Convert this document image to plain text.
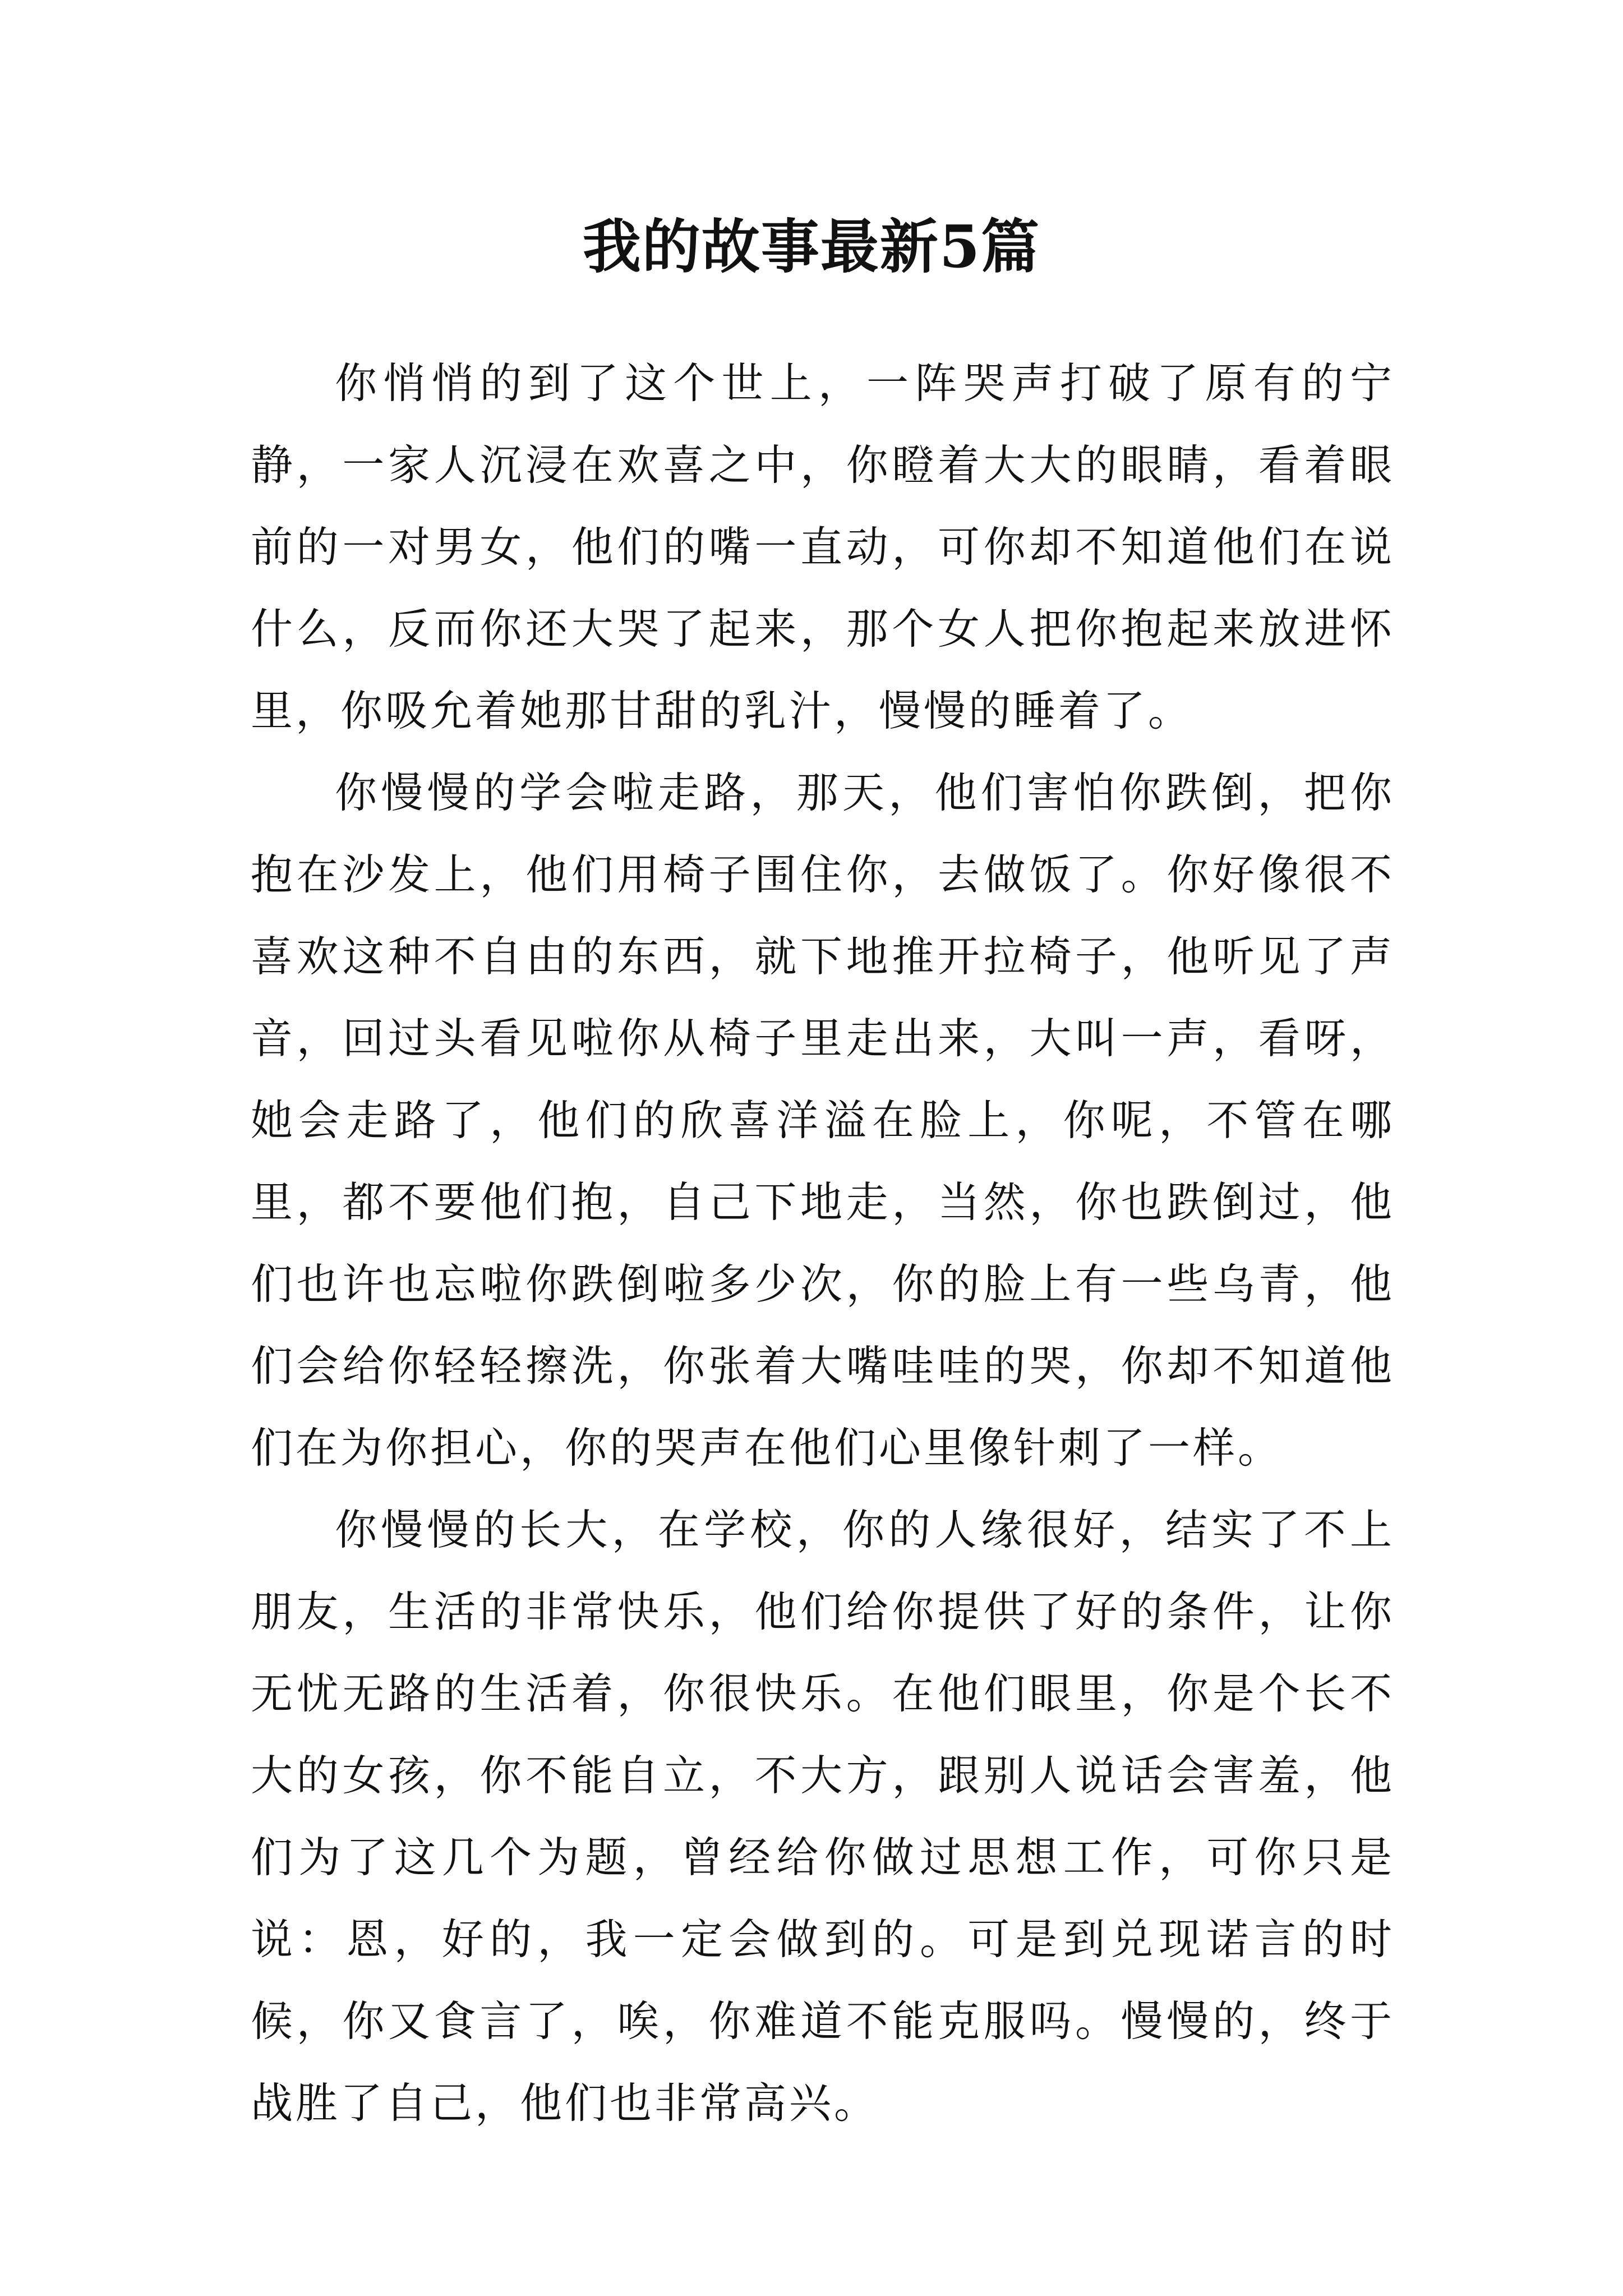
我的故事最新5篇

你悄悄的到了这个世上，一阵哭声打破了原有的宁静，一家人沉浸在欢喜之中，你瞪着大大的眼睛，看着眼前的一对男女，他们的嘴一直动，可你却不知道他们在说什么，反而你还大哭了起来，那个女人把你抱起来放进怀里，你吸允着她那甘甜的乳汁，慢慢的睡着了。

你慢慢的学会啦走路，那天，他们害怕你跌倒，把你抱在沙发上，他们用椅子围住你，去做饭了。你好像很不喜欢这种不自由的东西，就下地推开拉椅子，他听见了声音，回过头看见啦你从椅子里走出来，大叫一声，看呀，她会走路了，他们的欣喜洋溢在脸上，你呢，不管在哪里，都不要他们抱，自己下地走，当然，你也跌倒过，他们也许也忘啦你跌倒啦多少次，你的脸上有一些乌青，他们会给你轻轻擦洗，你张着大嘴哇哇的哭，你却不知道他们在为你担心，你的哭声在他们心里像针刺了一样。

你慢慢的长大，在学校，你的人缘很好，结实了不上朋友，生活的非常快乐，他们给你提供了好的条件，让你无忧无路的生活着，你很快乐。在他们眼里，你是个长不大的女孩，你不能自立，不大方，跟别人说话会害羞，他们为了这几个为题，曾经给你做过思想工作，可你只是说：恩，好的，我一定会做到的。可是到兑现诺言的时候，你又食言了，唉，你难道不能克服吗。慢慢的，终于战胜了自己，他们也非常高兴。
